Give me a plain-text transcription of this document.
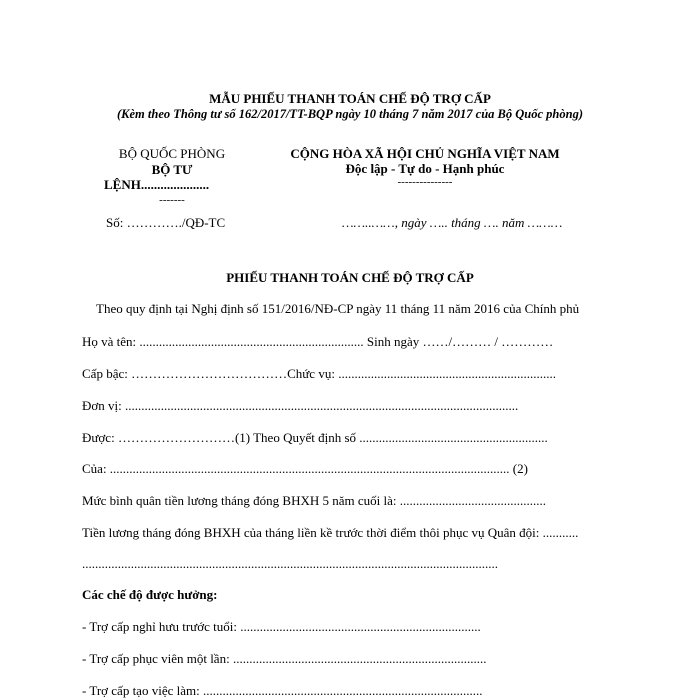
MẪU PHIẾU THANH TOÁN CHẾ ĐỘ TRỢ CẤP
(Kèm theo Thông tư số 162/2017/TT-BQP ngày 10 tháng 7 năm 2017 của Bộ Quốc phòng)
BỘ QUỐC PHÒNG
BỘ TƯ
LỆNH.....................
-------
Số: …………./QĐ-TC
CỘNG HÒA XÃ HỘI CHỦ NGHĨA VIỆT NAM
Độc lập - Tự do - Hạnh phúc
---------------
……..……, ngày ….. tháng …. năm ………
PHIẾU THANH TOÁN CHẾ ĐỘ TRỢ CẤP
Theo quy định tại Nghị định số 151/2016/NĐ-CP ngày 11 tháng 11 năm 2016 của Chính phủ
Họ và tên: ..................................................................... Sinh ngày ……/……… / …………
Cấp bậc: ………………………………Chức vụ: ...................................................................
Đơn vị: .........................................................................................................................
Được: ………………………(1) Theo Quyết định số ..........................................................
Của: ........................................................................................................................... (2)
Mức bình quân tiền lương tháng đóng BHXH 5 năm cuối là: .............................................
Tiền lương tháng đóng BHXH của tháng liền kề trước thời điểm thôi phục vụ Quân đội: ...........
................................................................................................................................
Các chế độ được hưởng:
- Trợ cấp nghỉ hưu trước tuổi: ..........................................................................
- Trợ cấp phục viên một lần: ..............................................................................
- Trợ cấp tạo việc làm: ......................................................................................
